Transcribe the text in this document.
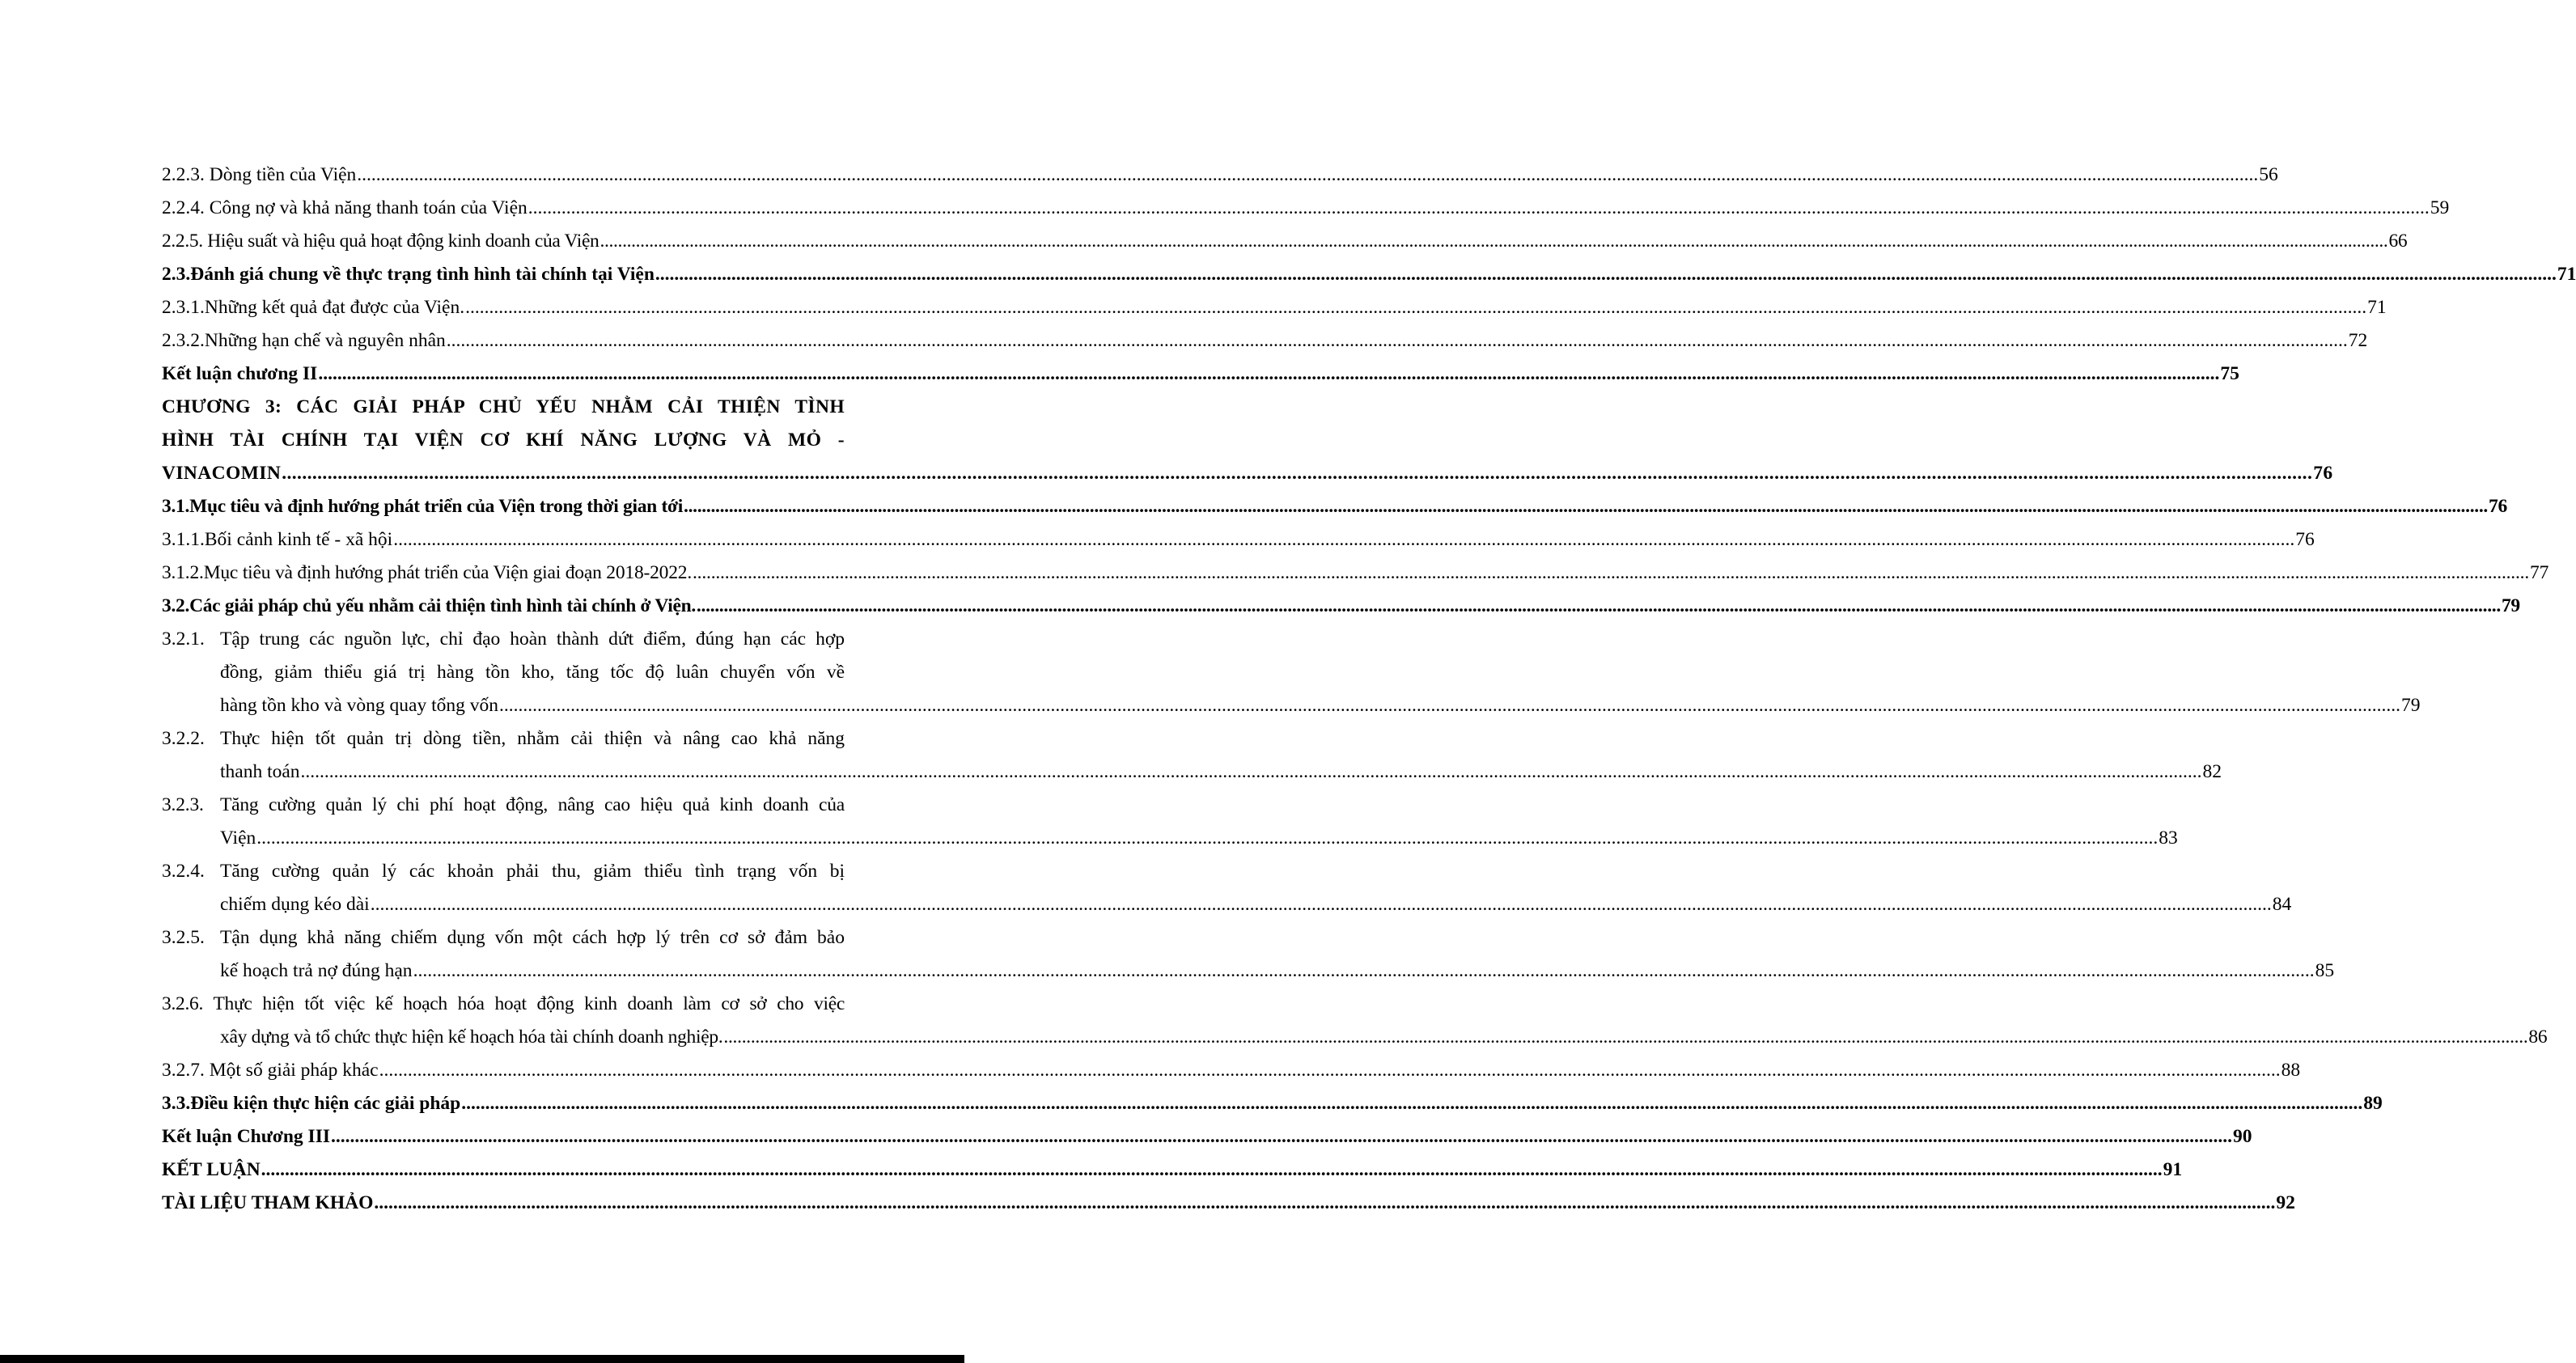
2.2.3. Dòng tiền của Viện ................................................................................................................................................................................................................................................................................................................................................................................................................ 56
2.2.4. Công nợ và khả năng thanh toán của Viện ................................................................................................................................................................................................................................................................................................................................................................................................................ 59
2.2.5. Hiệu suất và hiệu quả hoạt động kinh doanh của Viện ................................................................................................................................................................................................................................................................................................................................................................................................................ 66
2.3. Đánh giá chung về thực trạng tình hình tài chính tại Viện ................................................................................................................................................................................................................................................................................................................................................................................................................ 71
2.3.1. Những kết quả đạt được của Viện. ................................................................................................................................................................................................................................................................................................................................................................................................................ 71
2.3.2. Những hạn chế và nguyên nhân ................................................................................................................................................................................................................................................................................................................................................................................................................ 72
Kết luận chương II ................................................................................................................................................................................................................................................................................................................................................................................................................ 75
CHƯƠNG 3: CÁC GIẢI PHÁP CHỦ YẾU NHẰM CẢI THIỆN TÌNH
HÌNH TÀI CHÍNH TẠI VIỆN CƠ KHÍ NĂNG LƯỢNG VÀ MỎ -
VINACOMIN ................................................................................................................................................................................................................................................................................................................................................................................................................ 76
3.1. Mục tiêu và định hướng phát triển của Viện trong thời gian tới ................................................................................................................................................................................................................................................................................................................................................................................................................ 76
3.1.1. Bối cảnh kinh tế - xã hội ................................................................................................................................................................................................................................................................................................................................................................................................................ 76
3.1.2. Mục tiêu và định hướng phát triển của Viện giai đoạn 2018-2022. ................................................................................................................................................................................................................................................................................................................................................................................................................ 77
3.2. Các giải pháp chủ yếu nhằm cải thiện tình hình tài chính ở Viện. ................................................................................................................................................................................................................................................................................................................................................................................................................ 79
3.2.1. Tập trung các nguồn lực, chỉ đạo hoàn thành dứt điểm, đúng hạn các hợp
đồng, giảm thiểu giá trị hàng tồn kho, tăng tốc độ luân chuyển vốn về
hàng tồn kho và vòng quay tổng vốn ................................................................................................................................................................................................................................................................................................................................................................................................................ 79
3.2.2. Thực hiện tốt quản trị dòng tiền, nhằm cải thiện và nâng cao khả năng
thanh toán ................................................................................................................................................................................................................................................................................................................................................................................................................ 82
3.2.3. Tăng cường quản lý chi phí hoạt động, nâng cao hiệu quả kinh doanh của
Viện ................................................................................................................................................................................................................................................................................................................................................................................................................ 83
3.2.4. Tăng cường quản lý các khoản phải thu, giảm thiểu tình trạng vốn bị
chiếm dụng kéo dài ................................................................................................................................................................................................................................................................................................................................................................................................................ 84
3.2.5. Tận dụng khả năng chiếm dụng vốn một cách hợp lý trên cơ sở đảm bảo
kế hoạch trả nợ đúng hạn ................................................................................................................................................................................................................................................................................................................................................................................................................ 85
3.2.6. Thực hiện tốt việc kế hoạch hóa hoạt động kinh doanh làm cơ sở cho việc
xây dựng và tổ chức thực hiện kế hoạch hóa tài chính doanh nghiệp. ................................................................................................................................................................................................................................................................................................................................................................................................................ 86
3.2.7. Một số giải pháp khác ................................................................................................................................................................................................................................................................................................................................................................................................................ 88
3.3. Điều kiện thực hiện các giải pháp ................................................................................................................................................................................................................................................................................................................................................................................................................ 89
Kết luận Chương III ................................................................................................................................................................................................................................................................................................................................................................................................................ 90
KẾT LUẬN ................................................................................................................................................................................................................................................................................................................................................................................................................ 91
TÀI LIỆU THAM KHẢO ................................................................................................................................................................................................................................................................................................................................................................................................................ 92
